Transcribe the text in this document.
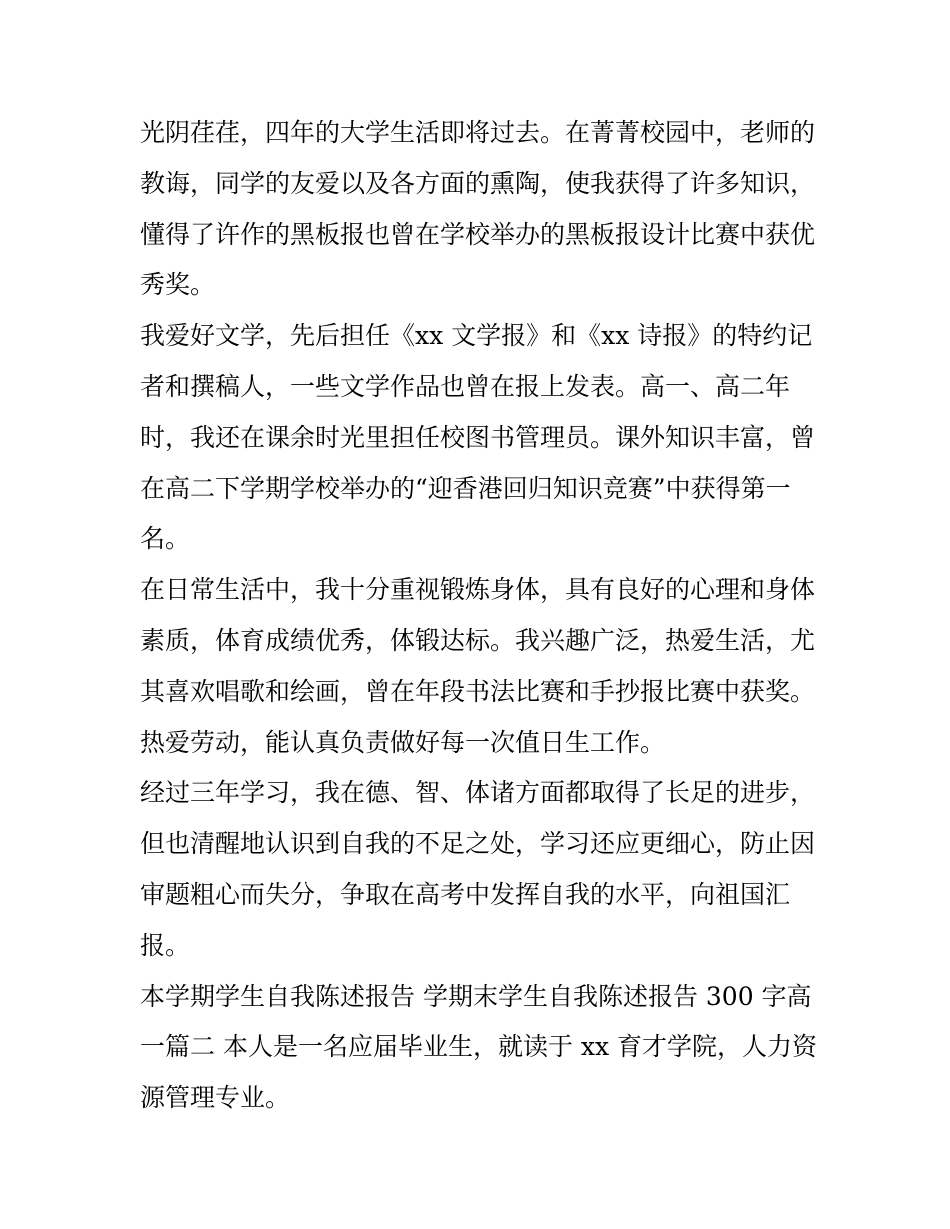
光阴荏荏，四年的大学生活即将过去。在菁菁校园中，老师的
教诲，同学的友爱以及各方面的熏陶，使我获得了许多知识，
懂得了许作的黑板报也曾在学校举办的黑板报设计比赛中获优
秀奖。
我爱好文学，先后担任《xx 文学报》和《xx 诗报》的特约记
者和撰稿人，一些文学作品也曾在报上发表。高一、高二年
时，我还在课余时光里担任校图书管理员。课外知识丰富，曾
在高二下学期学校举办的“迎香港回归知识竞赛”中获得第一
名。
在日常生活中，我十分重视锻炼身体，具有良好的心理和身体
素质，体育成绩优秀，体锻达标。我兴趣广泛，热爱生活，尤
其喜欢唱歌和绘画，曾在年段书法比赛和手抄报比赛中获奖。
热爱劳动，能认真负责做好每一次值日生工作。
经过三年学习，我在德、智、体诸方面都取得了长足的进步，
但也清醒地认识到自我的不足之处，学习还应更细心，防止因
审题粗心而失分，争取在高考中发挥自我的水平，向祖国汇
报。
本学期学生自我陈述报告 学期末学生自我陈述报告 300 字高
一篇二 本人是一名应届毕业生，就读于 xx 育才学院，人力资
源管理专业。
